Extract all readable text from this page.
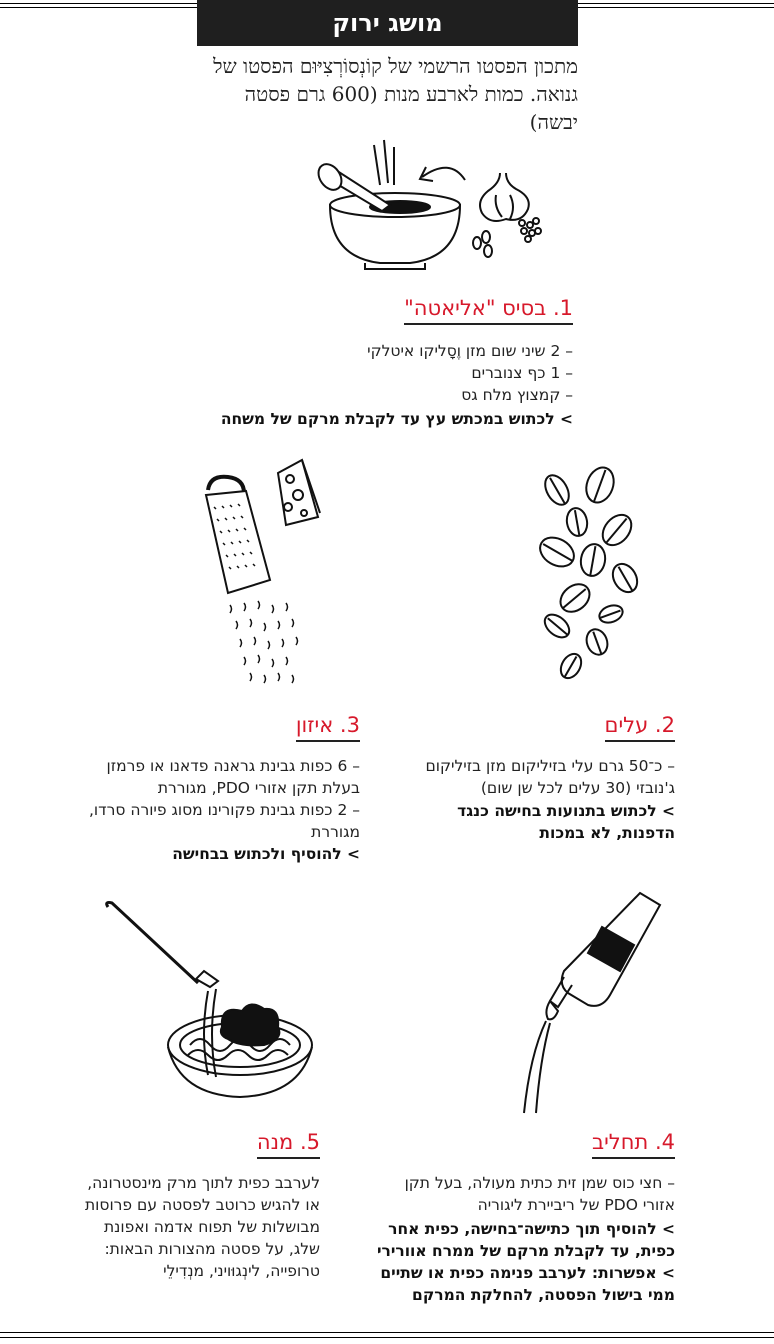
מושג ירוק
מתכון הפסטו הרשמי של קוֹנְסוֹרְצִיּוּם הפסטו של גנואה. כמות לארבע מנות (600 גרם פסטה יבשה)
1. בסיס "אליאטה"
– 2 שיני שום מזן וֶסָליקו איטלקי
– 1 כף צנוברים
– קמצוץ מלח גס
> לכתוש במכתש עץ עד לקבלת מרקם של משחה
3. איזון
– 6 כפות גבינת גראנה פדאנו או פרמזן בעלת תקן אזורי PDO, מגוררת
– 2 כפות גבינת פקורינו מסוג פיורה סרדו, מגוררת
> להוסיף ולכתוש בבחישה
2. עלים
– כ־50 גרם עלי בזיליקום מזן בזיליקום ג'נובזי (30 עלים לכל שן שום)
> לכתוש בתנועות בחישה כנגד הדפנות, לא במכות
5. מנה
לערבב כפית לתוך מרק מינסטרונה, או להגיש כרוטב לפסטה עם פרוסות מבושלות של תפוח אדמה ואפונת שלג, על פסטה מהצורות הבאות: טרופייה, לינְגוּויני, מנְדִילֵי
4. תחליב
– חצי כוס שמן זית כתית מעולה, בעל תקן אזורי PDO של ריביירת ליגוריה
> להוסיף תוך כתישה־בחישה, כפית אחר כפית, עד לקבלת מרקם של ממרח אוורירי > אפשרות: לערבב פנימה כפית או שתיים ממי בישול הפסטה, להחלקת המרקם
